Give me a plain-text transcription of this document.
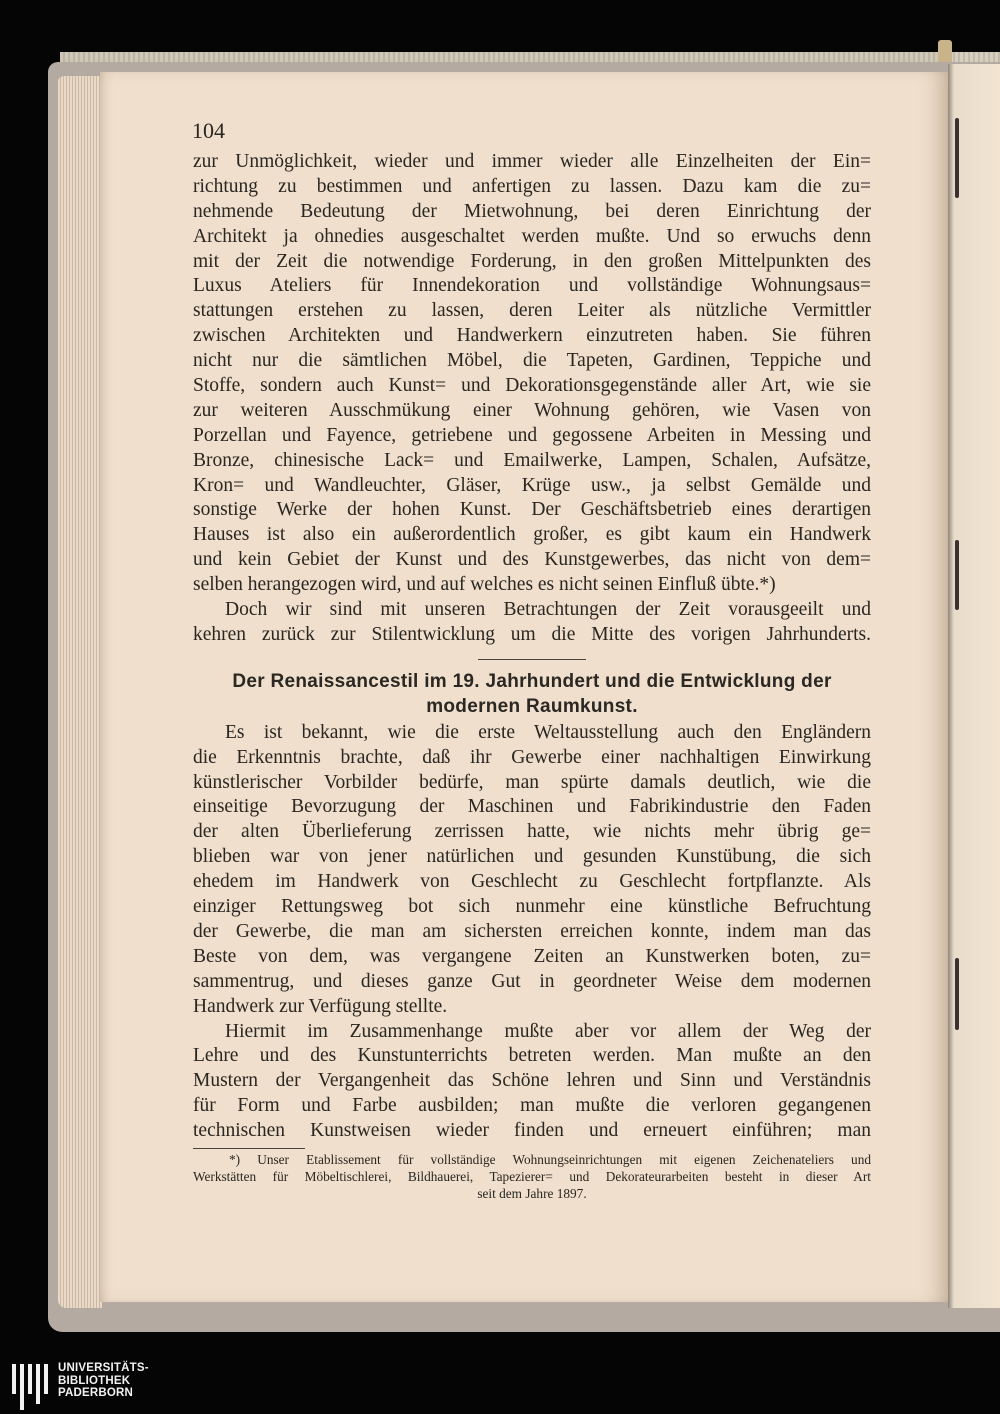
104
zur Unmöglichkeit, wieder und immer wieder alle Einzelheiten der Ein=
richtung zu bestimmen und anfertigen zu lassen. Dazu kam die zu=
nehmende Bedeutung der Mietwohnung, bei deren Einrichtung der
Architekt ja ohnedies ausgeschaltet werden mußte. Und so erwuchs denn
mit der Zeit die notwendige Forderung, in den großen Mittelpunkten des
Luxus Ateliers für Innendekoration und vollständige Wohnungsaus=
stattungen erstehen zu lassen, deren Leiter als nützliche Vermittler
zwischen Architekten und Handwerkern einzutreten haben. Sie führen
nicht nur die sämtlichen Möbel, die Tapeten, Gardinen, Teppiche und
Stoffe, sondern auch Kunst= und Dekorationsgegenstände aller Art, wie sie
zur weiteren Ausschmükung einer Wohnung gehören, wie Vasen von
Porzellan und Fayence, getriebene und gegossene Arbeiten in Messing und
Bronze, chinesische Lack= und Emailwerke, Lampen, Schalen, Aufsätze,
Kron= und Wandleuchter, Gläser, Krüge usw., ja selbst Gemälde und
sonstige Werke der hohen Kunst. Der Geschäftsbetrieb eines derartigen
Hauses ist also ein außerordentlich großer, es gibt kaum ein Handwerk
und kein Gebiet der Kunst und des Kunstgewerbes, das nicht von dem=
selben herangezogen wird, und auf welches es nicht seinen Einfluß übte.*)
Doch wir sind mit unseren Betrachtungen der Zeit vorausgeeilt und
kehren zurück zur Stilentwicklung um die Mitte des vorigen Jahrhunderts.
Der Renaissancestil im 19. Jahrhundert und die Entwicklung der
modernen Raumkunst.
Es ist bekannt, wie die erste Weltausstellung auch den Engländern
die Erkenntnis brachte, daß ihr Gewerbe einer nachhaltigen Einwirkung
künstlerischer Vorbilder bedürfe, man spürte damals deutlich, wie die
einseitige Bevorzugung der Maschinen und Fabrikindustrie den Faden
der alten Überlieferung zerrissen hatte, wie nichts mehr übrig ge=
blieben war von jener natürlichen und gesunden Kunstübung, die sich
ehedem im Handwerk von Geschlecht zu Geschlecht fortpflanzte. Als
einziger Rettungsweg bot sich nunmehr eine künstliche Befruchtung
der Gewerbe, die man am sichersten erreichen konnte, indem man das
Beste von dem, was vergangene Zeiten an Kunstwerken boten, zu=
sammentrug, und dieses ganze Gut in geordneter Weise dem modernen
Handwerk zur Verfügung stellte.
Hiermit im Zusammenhange mußte aber vor allem der Weg der
Lehre und des Kunstunterrichts betreten werden. Man mußte an den
Mustern der Vergangenheit das Schöne lehren und Sinn und Verständnis
für Form und Farbe ausbilden; man mußte die verloren gegangenen
technischen Kunstweisen wieder finden und erneuert einführen; man
*) Unser Etablissement für vollständige Wohnungseinrichtungen mit eigenen Zeichenateliers und
Werkstätten für Möbeltischlerei, Bildhauerei, Tapezierer= und Dekorateurarbeiten besteht in dieser Art
seit dem Jahre 1897.
UNIVERSITÄTS-
BIBLIOTHEK
PADERBORN
